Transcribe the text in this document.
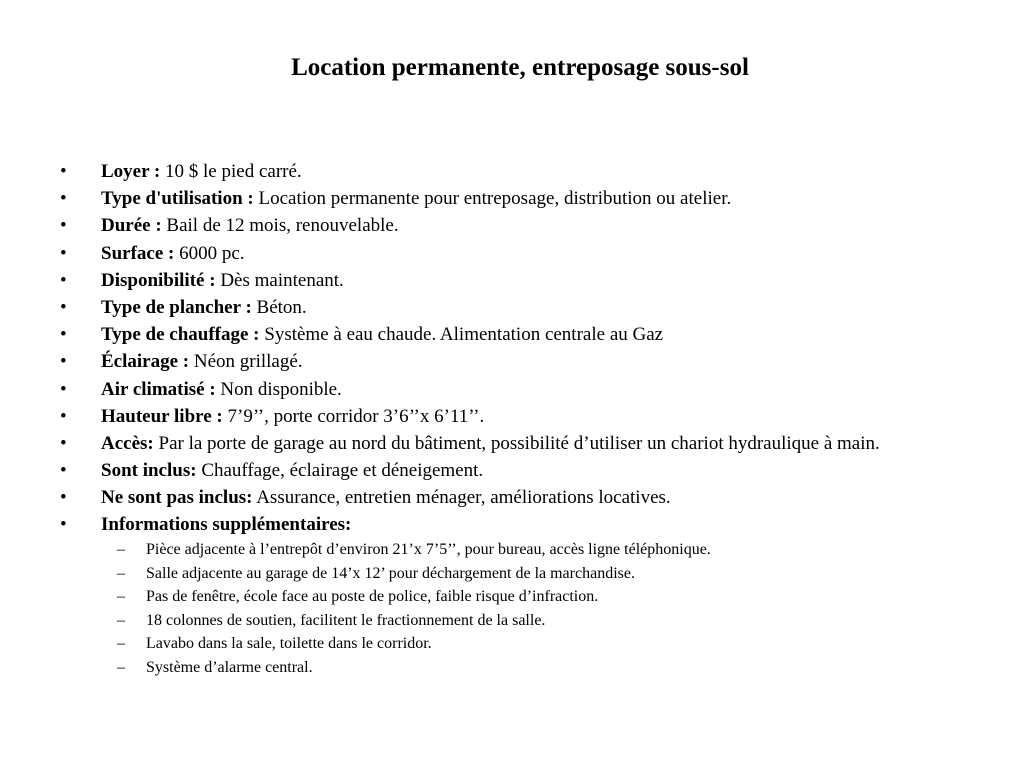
Location permanente, entreposage sous-sol
• Loyer : 10 $ le pied carré.
• Type d'utilisation : Location permanente pour entreposage, distribution ou atelier.
• Durée : Bail de 12 mois, renouvelable.
• Surface : 6000 pc.
• Disponibilité : Dès maintenant.
• Type de plancher : Béton.
• Type de chauffage : Système à eau chaude. Alimentation centrale au Gaz
• Éclairage : Néon grillagé.
• Air climatisé : Non disponible.
• Hauteur libre : 7’9’’, porte corridor 3’6’’x 6’11’’.
• Accès: Par la porte de garage au nord du bâtiment, possibilité d’utiliser un chariot hydraulique à main.
• Sont inclus: Chauffage, éclairage et déneigement.
• Ne sont pas inclus: Assurance, entretien ménager, améliorations locatives.
• Informations supplémentaires:
– Pièce adjacente à l’entrepôt d’environ 21’x 7’5’’, pour bureau, accès ligne téléphonique.
– Salle adjacente au garage de 14’x 12’ pour déchargement de la marchandise.
– Pas de fenêtre, école face au poste de police, faible risque d’infraction.
– 18 colonnes de soutien, facilitent le fractionnement de la salle.
– Lavabo dans la sale, toilette dans le corridor.
– Système d’alarme central.
